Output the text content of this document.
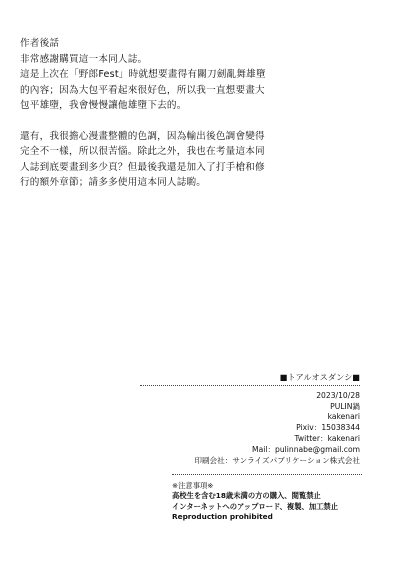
作者後話

非常感謝購買這一本同人誌。
這是上次在「野郎Fest」時就想要畫得有關刀劍亂舞雄墮
的內容；因為大包平看起來很好色，所以我一直想要畫大
包平雄墮，我會慢慢讓他雄墮下去的。

還有，我很擔心漫畫整體的色調，因為輸出後色調會變得
完全不一樣，所以很苦惱。除此之外，我也在考量這本同
人誌到底要畫到多少頁？但最後我還是加入了打手槍和修
行的額外章節；請多多使用這本同人誌喲。

■トアルオスダンシ■
2023/10/28
PULIN鍋
kakenari
Pixiv：15038344
Twitter：kakenari
Mail：pulinnabe@gmail.com
印刷会社：サンライズパブリケーション株式会社
※注意事項※
高校生を含む18歳未満の方の購入、閲覧禁止
インターネットへのアップロード、複製、加工禁止
Reproduction prohibited
